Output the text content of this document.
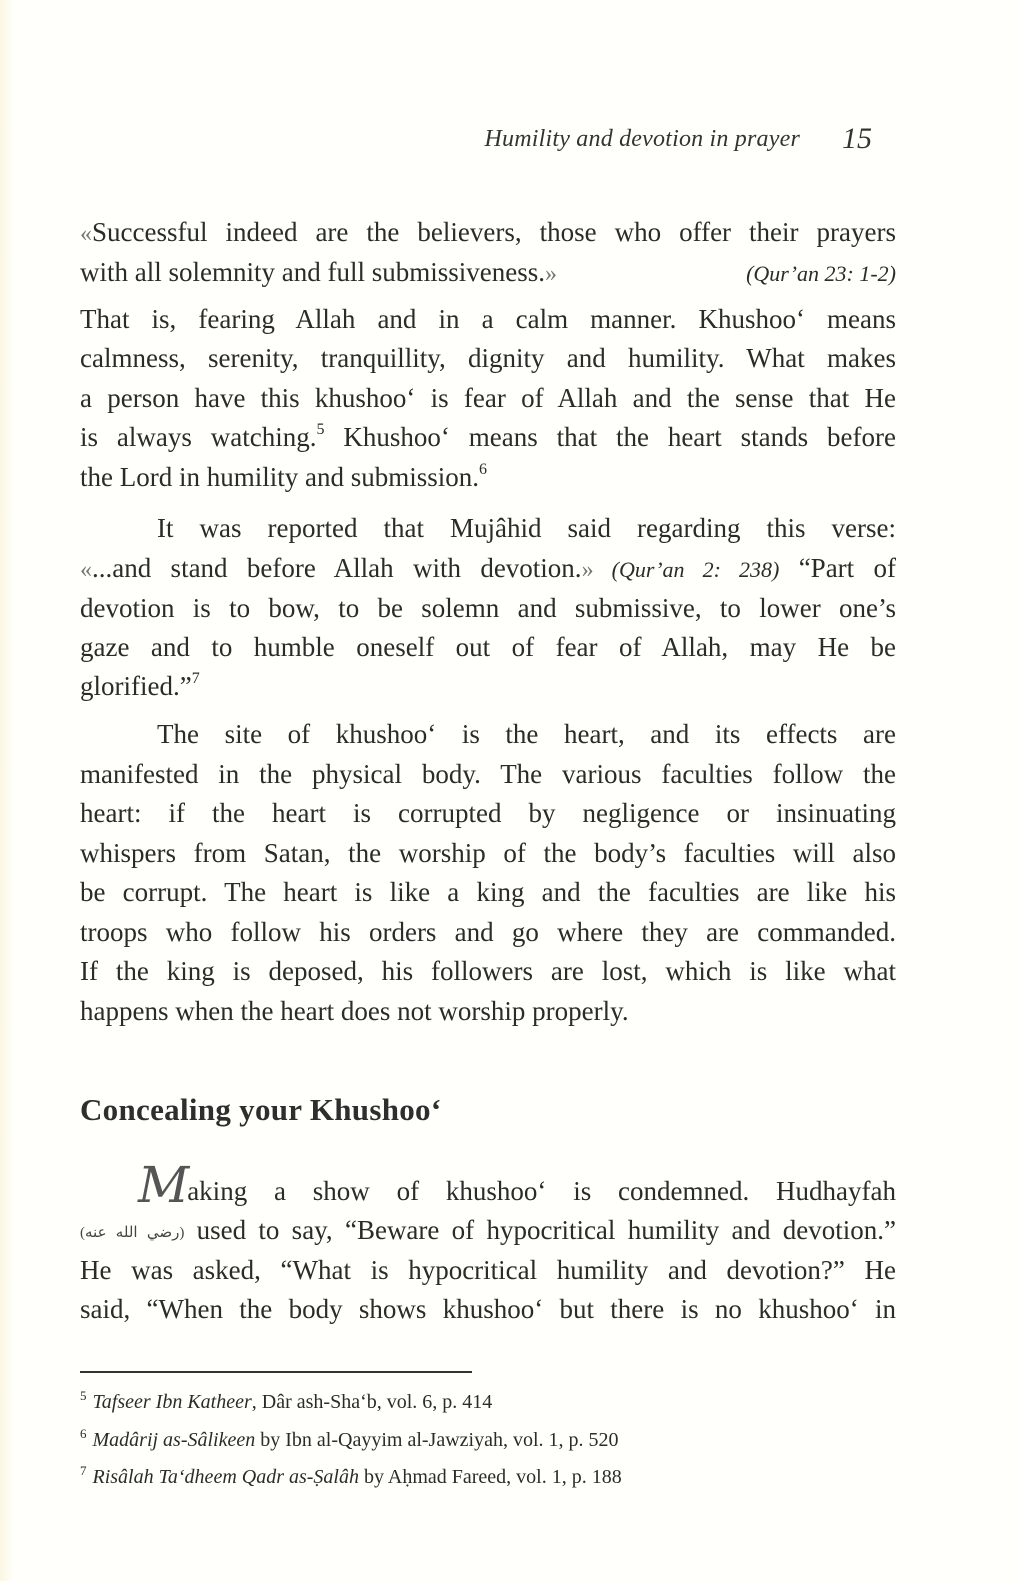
Humility and devotion in prayer 15
«Successful indeed are the believers, those who offer their prayers
with all solemnity and full submissiveness.»	(Qur’an 23: 1-2)
That is, fearing Allah and in a calm manner. Khushoo‘ means
calmness, serenity, tranquillity, dignity and humility. What makes
a person have this khushoo‘ is fear of Allah and the sense that He
is always watching.$^5$ Khushoo‘ means that the heart stands before
the Lord in humility and submission.$^6$
It was reported that Mujâhid said regarding this verse:
«...and stand before Allah with devotion.» (Qur’an 2: 238) “Part of
devotion is to bow, to be solemn and submissive, to lower one’s
gaze and to humble oneself out of fear of Allah, may He be
glorified.”$^7$
The site of khushoo‘ is the heart, and its effects are
manifested in the physical body. The various faculties follow the
heart: if the heart is corrupted by negligence or insinuating
whispers from Satan, the worship of the body’s faculties will also
be corrupt. The heart is like a king and the faculties are like his
troops who follow his orders and go where they are commanded.
If the king is deposed, his followers are lost, which is like what
happens when the heart does not worship properly.
Concealing your Khushoo‘
Making a show of khushoo‘ is condemned. Hudhayfah
(رضي الله عنه) used to say, “Beware of hypocritical humility and devotion.”
He was asked, “What is hypocritical humility and devotion?” He
said, “When the body shows khushoo‘ but there is no khushoo‘ in
$^5$ Tafseer Ibn Katheer, Dâr ash-Sha‘b, vol. 6, p. 414
$^6$ Madârij as-Sâlikeen by Ibn al-Qayyim al-Jawziyah, vol. 1, p. 520
$^7$ Risâlah Ta‘dheem Qadr as-Ṣalâh by Aḥmad Fareed, vol. 1, p. 188
